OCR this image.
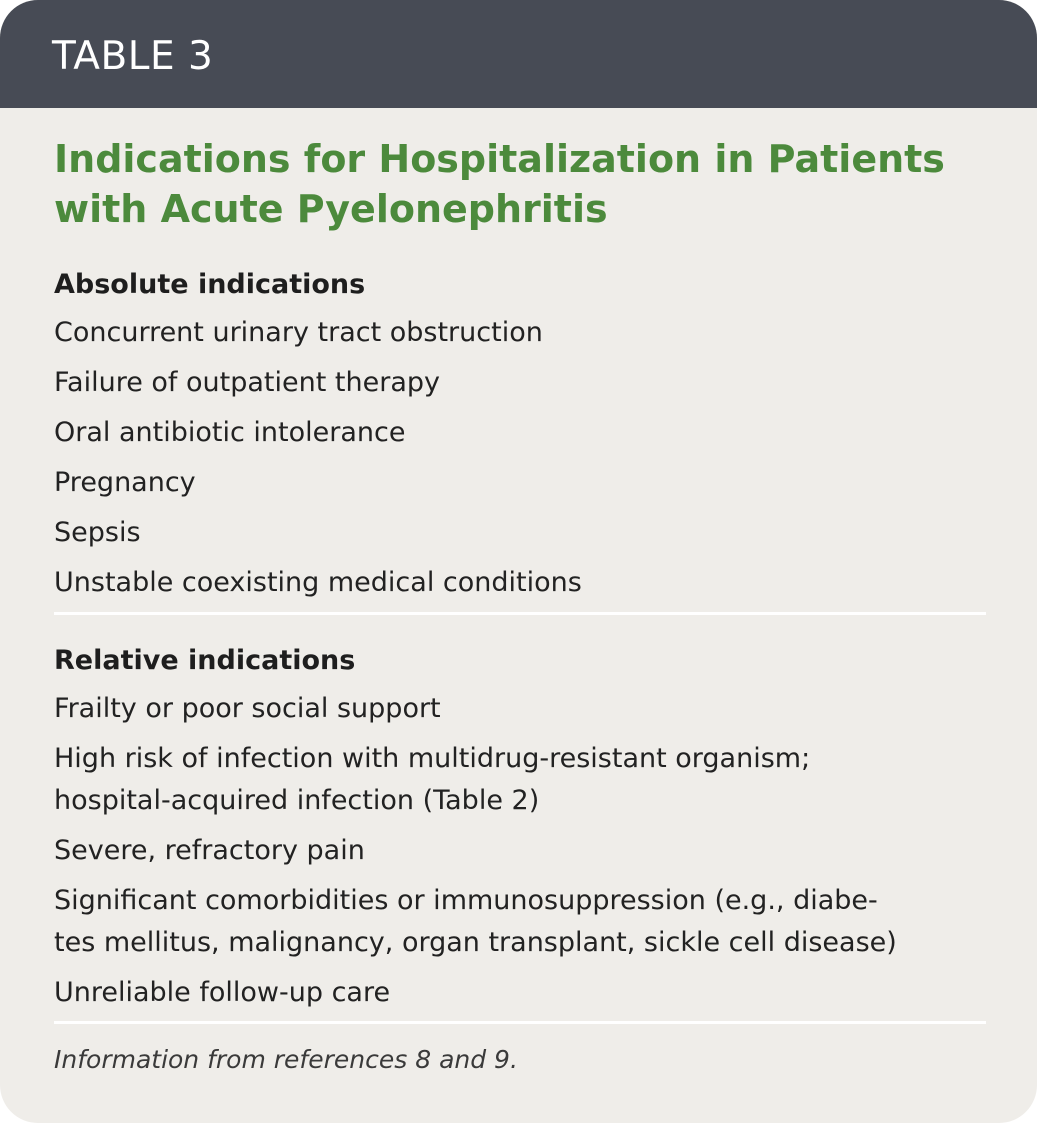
TABLE 3
Indications for Hospitalization in Patients with Acute Pyelonephritis
Absolute indications
Concurrent urinary tract obstruction
Failure of outpatient therapy
Oral antibiotic intolerance
Pregnancy
Sepsis
Unstable coexisting medical conditions
Relative indications
Frailty or poor social support
High risk of infection with multidrug-resistant organism;
hospital-acquired infection (Table 2)
Severe, refractory pain
Significant comorbidities or immunosuppression (e.g., diabe-
tes mellitus, malignancy, organ transplant, sickle cell disease)
Unreliable follow-up care
Information from references 8 and 9.
